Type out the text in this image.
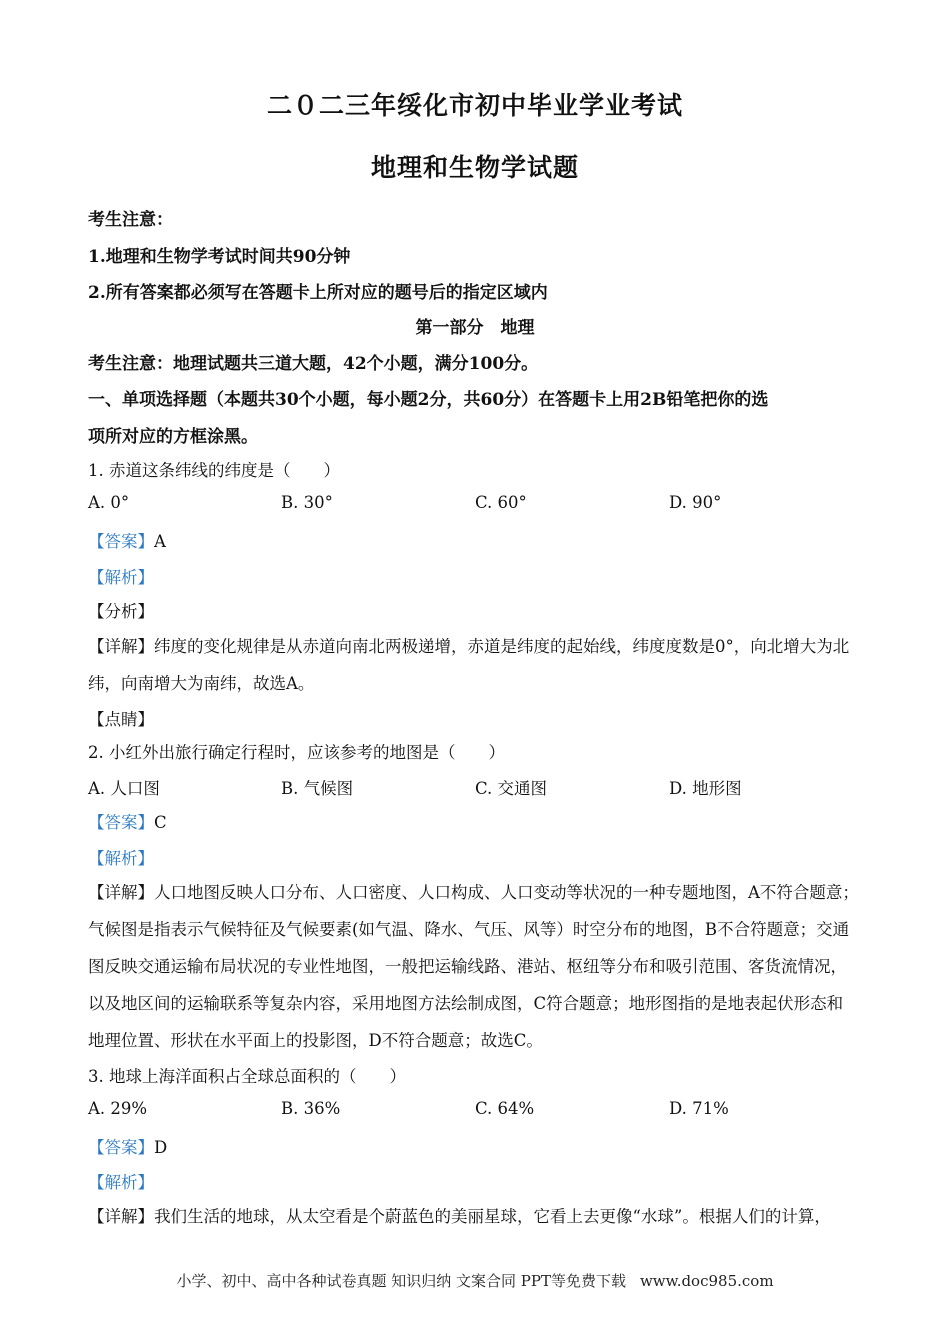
二０二三年绥化市初中毕业学业考试
地理和生物学试题
考生注意：
1.地理和生物学考试时间共90分钟
2.所有答案都必须写在答题卡上所对应的题号后的指定区域内
第一部分　地理
考生注意：地理试题共三道大题，42个小题，满分100分。
一、单项选择题（本题共30个小题，每小题2分，共60分）在答题卡上用2B铅笔把你的选
项所对应的方框涂黑。
1. 赤道这条纬线的纬度是（　　）
A. 0°	B. 30°	C. 60°	D. 90°
【答案】A
【解析】
【分析】
【详解】纬度的变化规律是从赤道向南北两极递增，赤道是纬度的起始线，纬度度数是0°，向北增大为北
纬，向南增大为南纬，故选A。
【点睛】
2. 小红外出旅行确定行程时，应该参考的地图是（　　）
A. 人口图	B. 气候图	C. 交通图	D. 地形图
【答案】C
【解析】
【详解】人口地图反映人口分布、人口密度、人口构成、人口变动等状况的一种专题地图，A不符合题意；
气候图是指表示气候特征及气候要素(如气温、降水、气压、风等）时空分布的地图，B不合符题意；交通
图反映交通运输布局状况的专业性地图，一般把运输线路、港站、枢纽等分布和吸引范围、客货流情况，
以及地区间的运输联系等复杂内容，采用地图方法绘制成图，C符合题意；地形图指的是地表起伏形态和
地理位置、形状在水平面上的投影图，D不符合题意；故选C。
3. 地球上海洋面积占全球总面积的（　　）
A. 29%	B. 36%	C. 64%	D. 71%
【答案】D
【解析】
【详解】我们生活的地球，从太空看是个蔚蓝色的美丽星球，它看上去更像“水球”。根据人们的计算，
小学、初中、高中各种试卷真题 知识归纳 文案合同 PPT等免费下载 www.doc985.com
